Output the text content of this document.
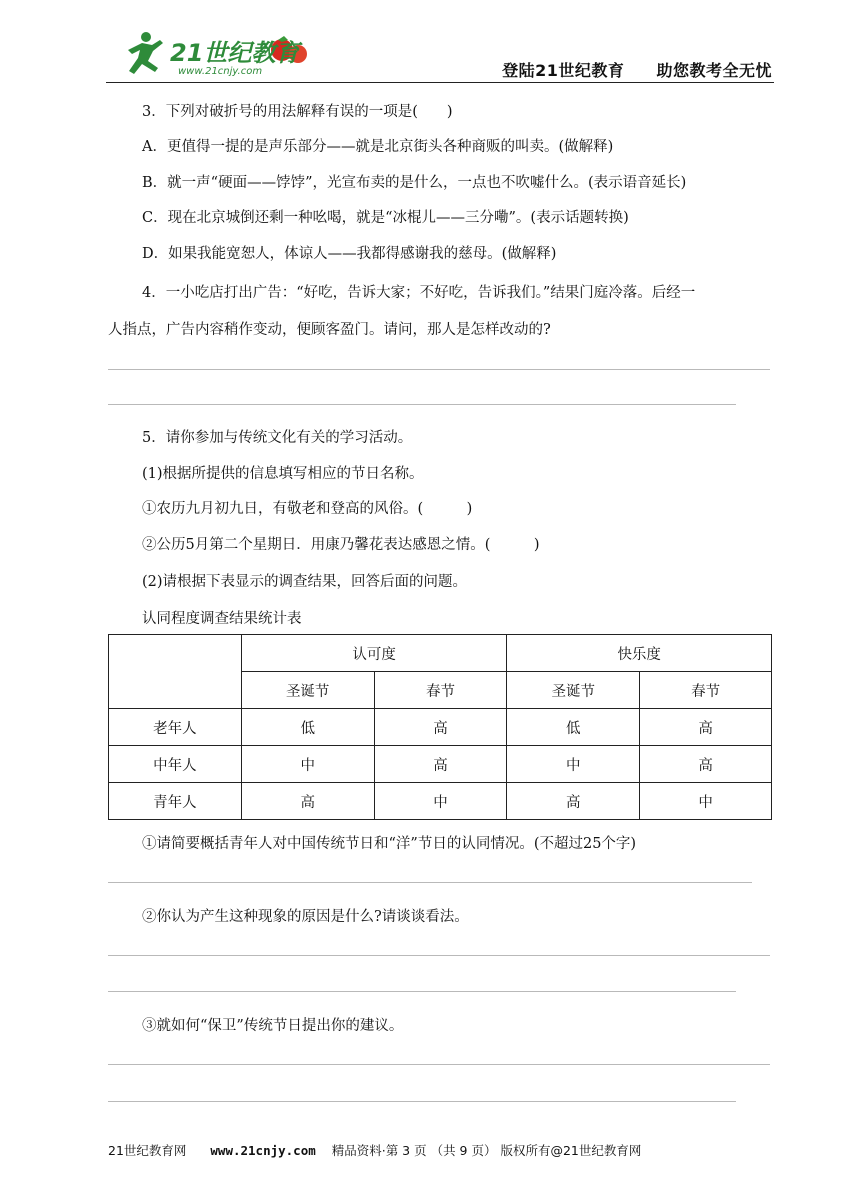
21世纪教育
www.21cnjy.com	登陆21世纪教育 助您教考全无忧
3．下列对破折号的用法解释有误的一项是(　　)
A．更值得一提的是声乐部分——就是北京街头各种商贩的叫卖。(做解释)
B．就一声“硬面——饽饽”，光宣布卖的是什么，一点也不吹嘘什么。(表示语音延长)
C．现在北京城倒还剩一种吆喝，就是“冰棍儿——三分嘞”。(表示话题转换)
D．如果我能宽恕人，体谅人——我都得感谢我的慈母。(做解释)
4．一小吃店打出广告：“好吃，告诉大家；不好吃，告诉我们。”结果门庭冷落。后经一
人指点，广告内容稍作变动，便顾客盈门。请问，那人是怎样改动的?
5．请你参加与传统文化有关的学习活动。
(1)根据所提供的信息填写相应的节日名称。
①农历九月初九日，有敬老和登高的风俗。(　　　)
②公历5月第二个星期日．用康乃馨花表达感恩之情。(　　　)
(2)请根据下表显示的调查结果，回答后面的问题。
认同程度调查结果统计表
	认可度		快乐度	
	圣诞节	春节	圣诞节	春节
老年人	低	高	低	高
中年人	中	高	中	高
青年人	高	中	高	中
①请简要概括青年人对中国传统节日和“洋”节日的认同情况。(不超过25个字)
②你认为产生这种现象的原因是什么?请谈谈看法。
③就如何“保卫”传统节日提出你的建议。
21世纪教育网 www.21cnjy.com 精品资料·第 3 页 （共 9 页） 版权所有@21世纪教育网
